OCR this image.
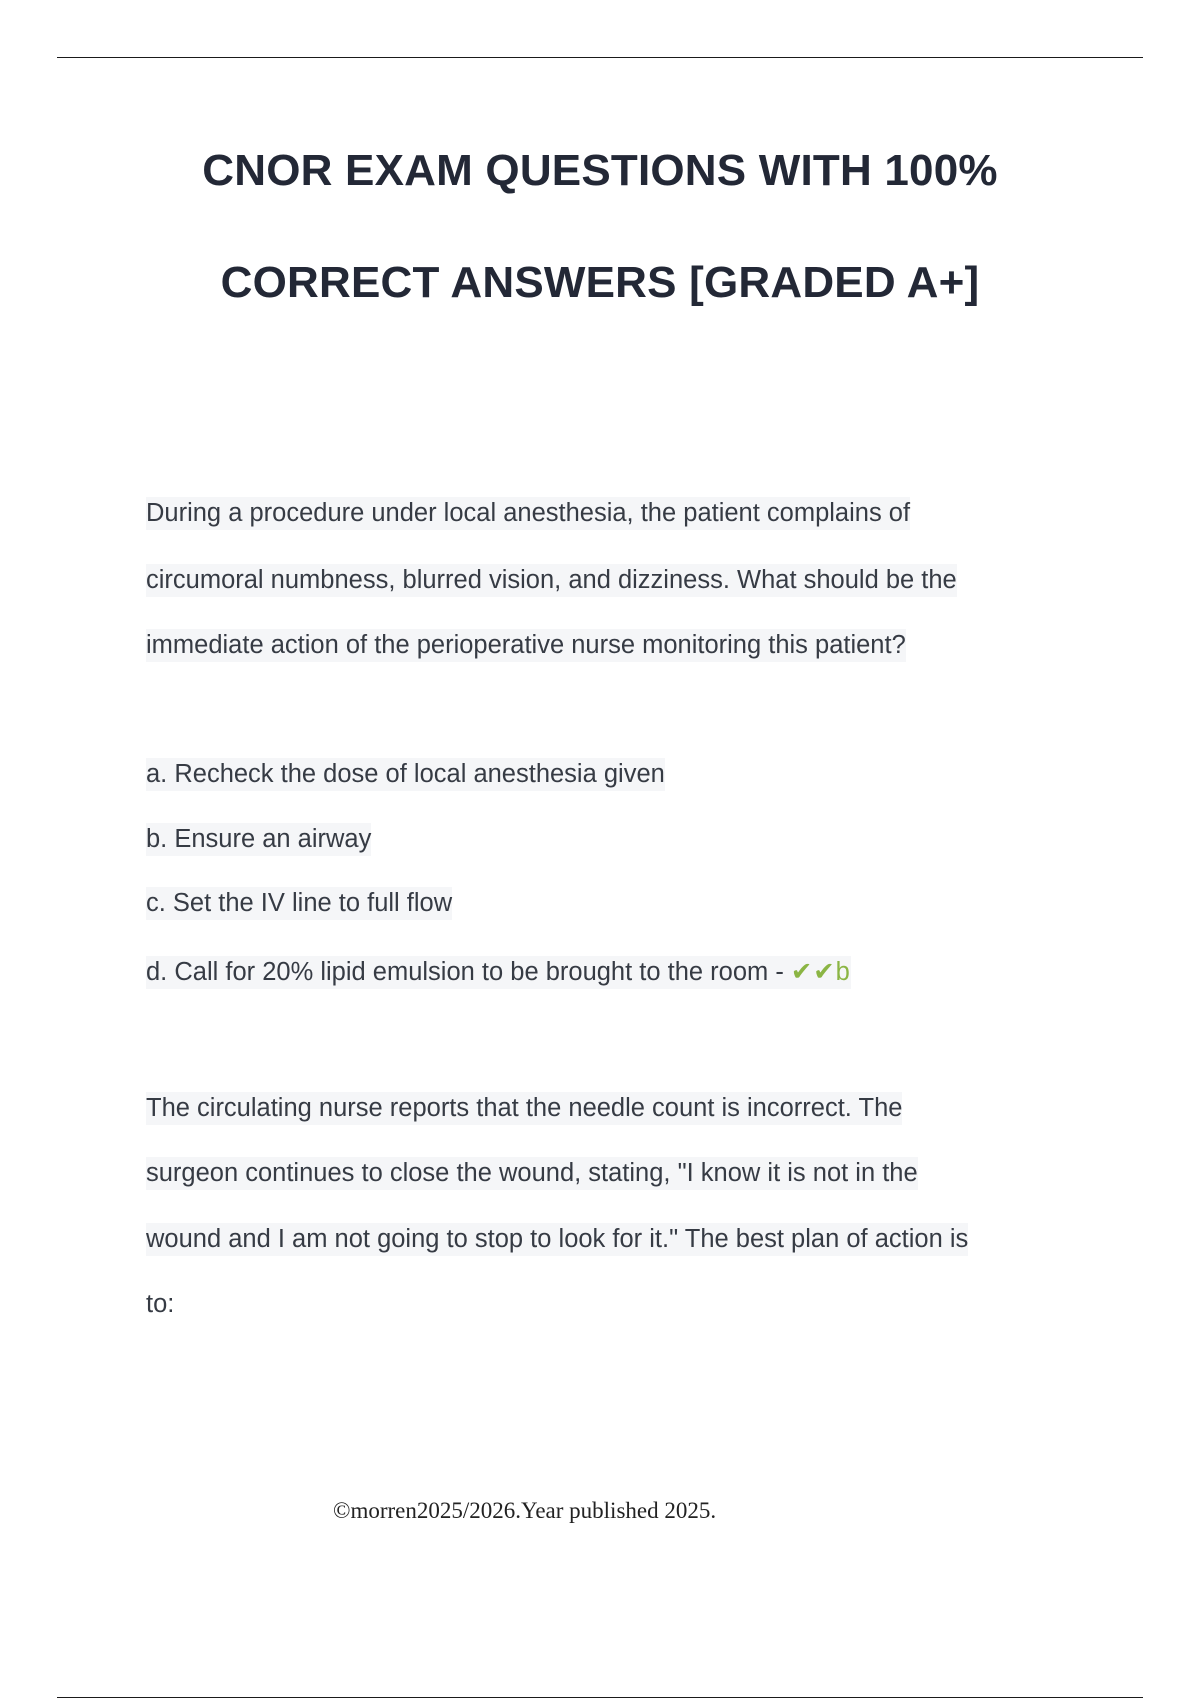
CNOR EXAM QUESTIONS WITH 100%
CORRECT ANSWERS [GRADED A+]
During a procedure under local anesthesia, the patient complains of
circumoral numbness, blurred vision, and dizziness. What should be the
immediate action of the perioperative nurse monitoring this patient?
a. Recheck the dose of local anesthesia given
b. Ensure an airway
c. Set the IV line to full flow
d. Call for 20% lipid emulsion to be brought to the room - ✔✔b
The circulating nurse reports that the needle count is incorrect. The
surgeon continues to close the wound, stating, "I know it is not in the
wound and I am not going to stop to look for it." The best plan of action is
to:
©morren2025/2026.Year published 2025.
